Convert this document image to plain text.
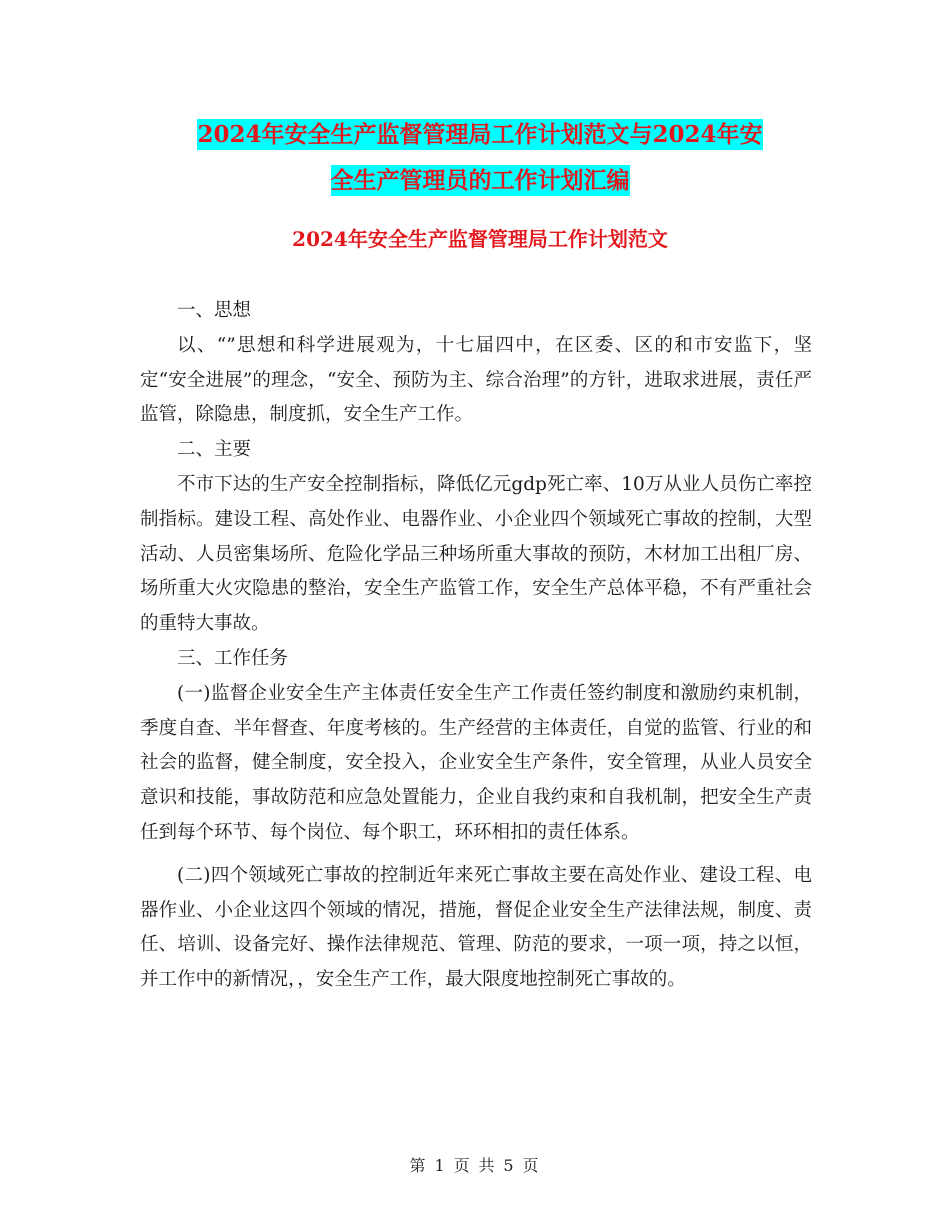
2024年安全生产监督管理局工作计划范文与2024年安
全生产管理员的工作计划汇编
2024年安全生产监督管理局工作计划范文

一、思想

以、“”思想和科学进展观为，十七届四中，在区委、区的和市安监下，坚定“安全进展”的理念，“安全、预防为主、综合治理”的方针，进取求进展，责任严监管，除隐患，制度抓，安全生产工作。

二、主要

不市下达的生产安全控制指标，降低亿元gdp死亡率、10万从业人员伤亡率控制指标。建设工程、高处作业、电器作业、小企业四个领域死亡事故的控制，大型活动、人员密集场所、危险化学品三种场所重大事故的预防，木材加工出租厂房、场所重大火灾隐患的整治，安全生产监管工作，安全生产总体平稳，不有严重社会的重特大事故。

三、工作任务

(一)监督企业安全生产主体责任安全生产工作责任签约制度和激励约束机制，季度自查、半年督查、年度考核的。生产经营的主体责任，自觉的监管、行业的和社会的监督，健全制度，安全投入，企业安全生产条件，安全管理，从业人员安全意识和技能，事故防范和应急处置能力，企业自我约束和自我机制，把安全生产责任到每个环节、每个岗位、每个职工，环环相扣的责任体系。

(二)四个领域死亡事故的控制近年来死亡事故主要在高处作业、建设工程、电器作业、小企业这四个领域的情况，措施，督促企业安全生产法律法规，制度、责任、培训、设备完好、操作法律规范、管理、防范的要求，一项一项，持之以恒，并工作中的新情况，，安全生产工作，最大限度地控制死亡事故的。

第 1 页 共 5 页
